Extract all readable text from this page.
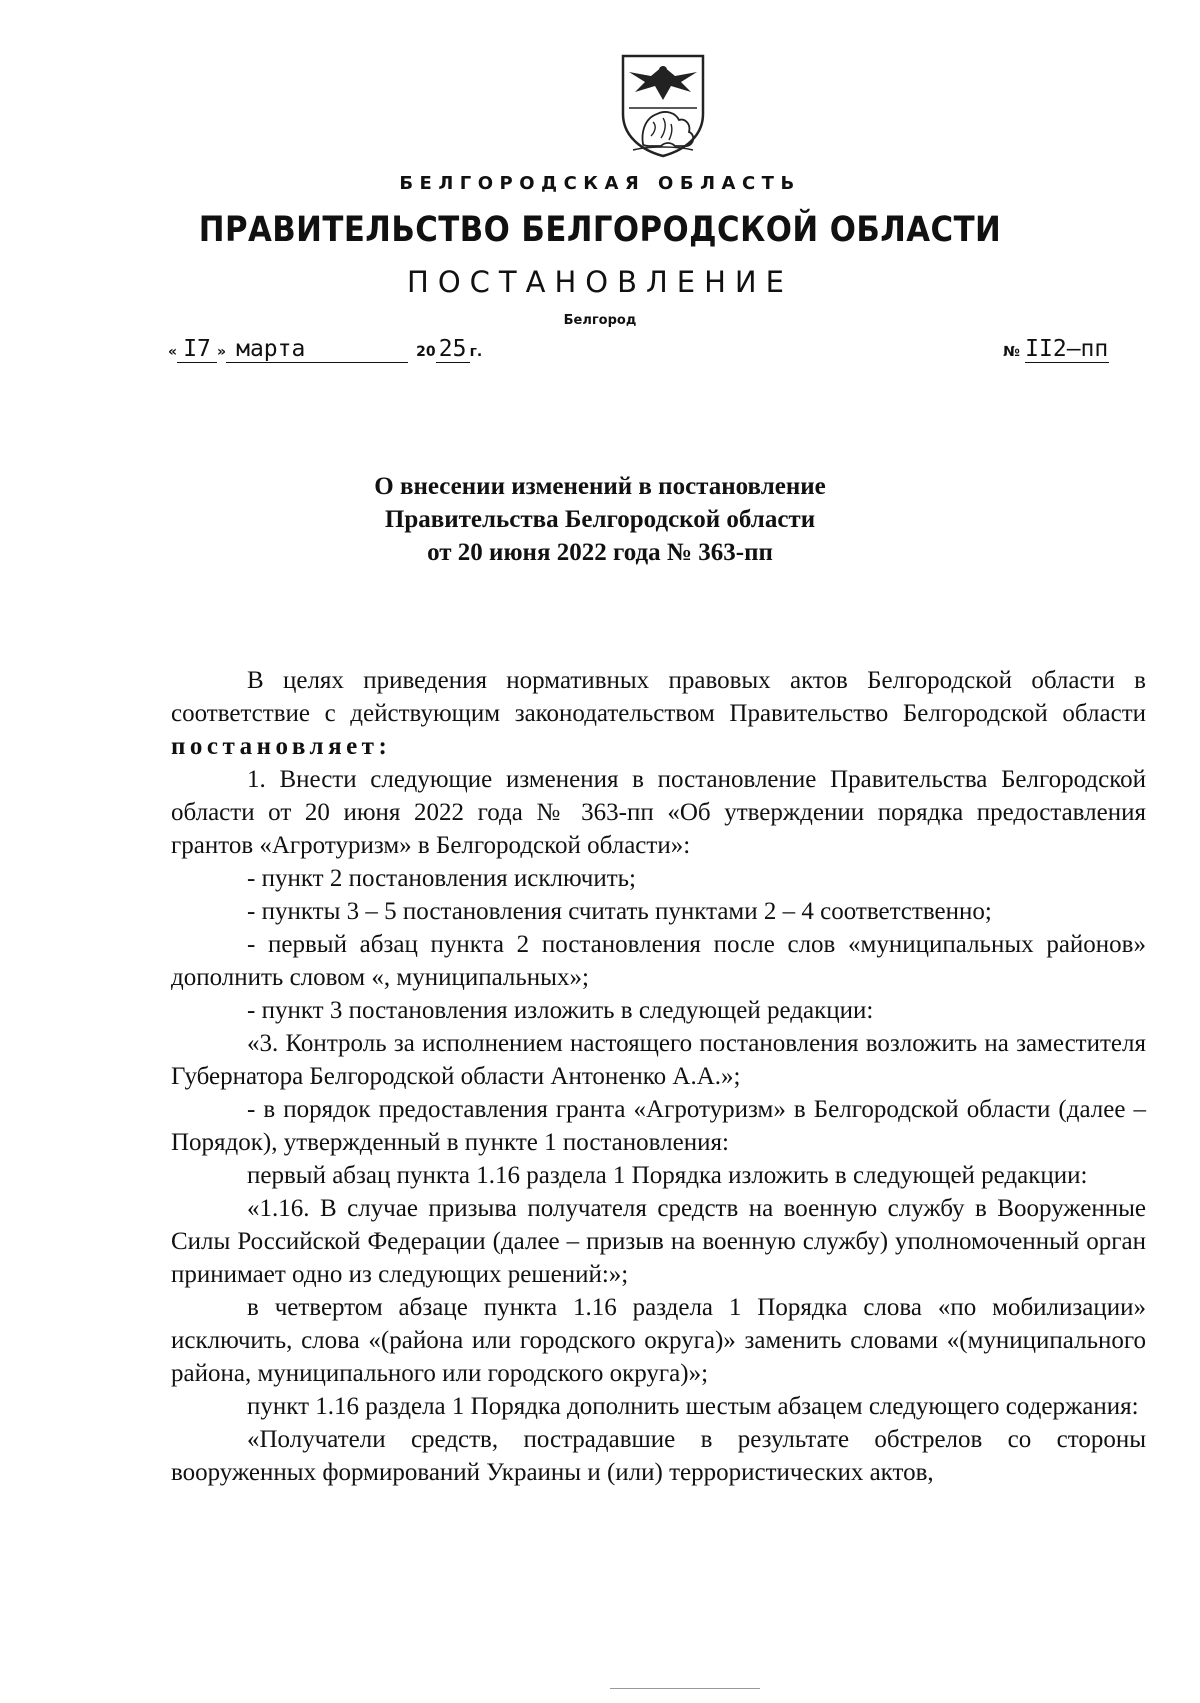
БЕЛГОРОДСКАЯ ОБЛАСТЬ
ПРАВИТЕЛЬСТВО БЕЛГОРОДСКОЙ ОБЛАСТИ
ПОСТАНОВЛЕНИЕ
Белгород
« I7 » марта	20 25 г.	№ II2–пп
О внесении изменений в постановление
Правительства Белгородской области
от 20 июня 2022 года № 363-пп

В целях приведения нормативных правовых актов Белгородской области в соответствие с действующим законодательством Правительство Белгородской области постановляет:

1. Внести следующие изменения в постановление Правительства Белгородской области от 20 июня 2022 года № 363-пп «Об утверждении порядка предоставления грантов «Агротуризм» в Белгородской области»:

- пункт 2 постановления исключить;

- пункты 3 – 5 постановления считать пунктами 2 – 4 соответственно;

- первый абзац пункта 2 постановления после слов «муниципальных районов» дополнить словом «, муниципальных»;

- пункт 3 постановления изложить в следующей редакции:

«3. Контроль за исполнением настоящего постановления возложить на заместителя Губернатора Белгородской области Антоненко А.А.»;

- в порядок предоставления гранта «Агротуризм» в Белгородской области (далее – Порядок), утвержденный в пункте 1 постановления:

первый абзац пункта 1.16 раздела 1 Порядка изложить в следующей редакции:

«1.16. В случае призыва получателя средств на военную службу в Вооруженные Силы Российской Федерации (далее – призыв на военную службу) уполномоченный орган принимает одно из следующих решений:»;

в четвертом абзаце пункта 1.16 раздела 1 Порядка слова «по мобилизации» исключить, слова «(района или городского округа)» заменить словами «(муниципального района, муниципального или городского округа)»;

пункт 1.16 раздела 1 Порядка дополнить шестым абзацем следующего содержания:

«Получатели средств, пострадавшие в результате обстрелов со стороны вооруженных формирований Украины и (или) террористических актов,
